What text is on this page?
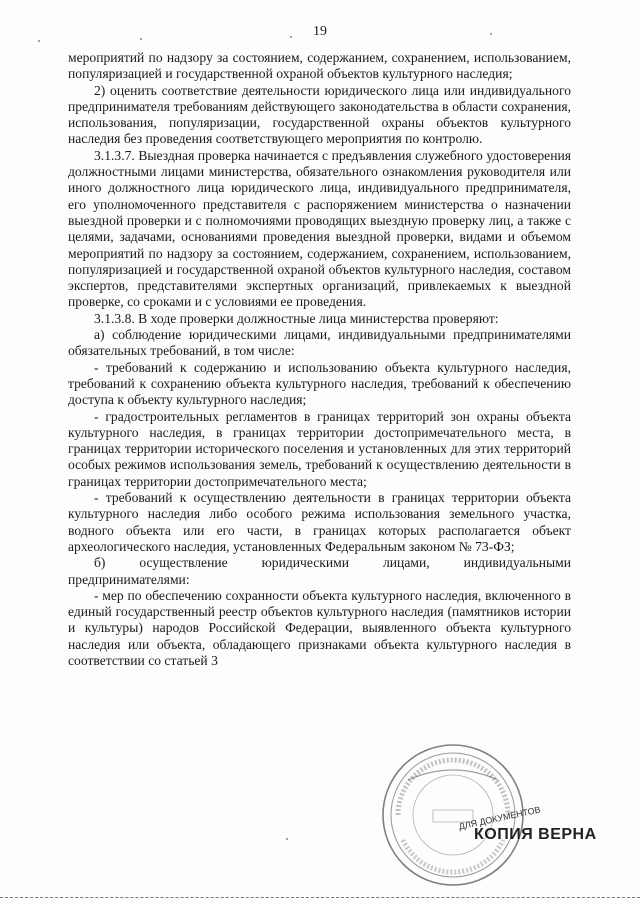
19

мероприятий по надзору за состоянием, содержанием, сохранением, использованием, популяризацией и государственной охраной объектов культурного наследия;

2) оценить соответствие деятельности юридического лица или индивидуального предпринимателя требованиям действующего законодательства в области сохранения, использования, популяризации, государственной охраны объектов культурного наследия без проведения соответствующего мероприятия по контролю.

3.1.3.7. Выездная проверка начинается с предъявления служебного удостоверения должностными лицами министерства, обязательного ознакомления руководителя или иного должностного лица юридического лица, индивидуального предпринимателя, его уполномоченного представителя с распоряжением министерства о назначении выездной проверки и с полномочиями проводящих выездную проверку лиц, а также с целями, задачами, основаниями проведения выездной проверки, видами и объемом мероприятий по надзору за состоянием, содержанием, сохранением, использованием, популяризацией и государственной охраной объектов культурного наследия, составом экспертов, представителями экспертных организаций, привлекаемых к выездной проверке, со сроками и с условиями ее проведения.

3.1.3.8. В ходе проверки должностные лица министерства проверяют:

а) соблюдение юридическими лицами, индивидуальными предпринимателями обязательных требований, в том числе:

- требований к содержанию и использованию объекта культурного наследия, требований к сохранению объекта культурного наследия, требований к обеспечению доступа к объекту культурного наследия;

- градостроительных регламентов в границах территорий зон охраны объекта культурного наследия, в границах территории достопримечательного места, в границах территории исторического поселения и установленных для этих территорий особых режимов использования земель, требований к осуществлению деятельности в границах территории достопримечательного места;

- требований к осуществлению деятельности в границах территории объекта культурного наследия либо особого режима использования земельного участка, водного объекта или его части, в границах которых располагается объект археологического наследия, установленных Федеральным законом № 73-ФЗ;

б) осуществление юридическими лицами, индивидуальными предпринимателями:

- мер по обеспечению сохранности объекта культурного наследия, включенного в единый государственный реестр объектов культурного наследия (памятников истории и культуры) народов Российской Федерации, выявленного объекта культурного наследия или объекта, обладающего признаками объекта культурного наследия в соответствии со статьей 3

ДЛЯ ДОКУМЕНТОВ
КОПИЯ ВЕРНА
